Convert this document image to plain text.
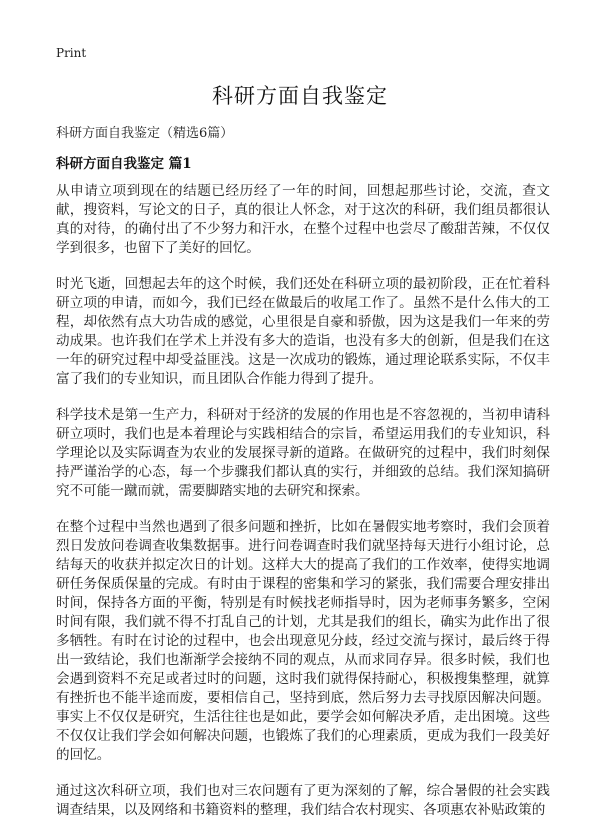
Print
科研方面自我鉴定
科研方面自我鉴定（精选6篇）
科研方面自我鉴定 篇1

从申请立项到现在的结题已经历经了一年的时间，回想起那些讨论，交流，查文献，搜资料，写论文的日子，真的很让人怀念，对于这次的科研，我们组员都很认真的对待，的确付出了不少努力和汗水，在整个过程中也尝尽了酸甜苦辣，不仅仅学到很多，也留下了美好的回忆。

时光飞逝，回想起去年的这个时候，我们还处在科研立项的最初阶段，正在忙着科研立项的申请，而如今，我们已经在做最后的收尾工作了。虽然不是什么伟大的工程，却依然有点大功告成的感觉，心里很是自豪和骄傲，因为这是我们一年来的劳动成果。也许我们在学术上并没有多大的造诣，也没有多大的创新，但是我们在这一年的研究过程中却受益匪浅。这是一次成功的锻炼，通过理论联系实际，不仅丰富了我们的专业知识，而且团队合作能力得到了提升。

科学技术是第一生产力，科研对于经济的发展的作用也是不容忽视的，当初申请科研立项时，我们也是本着理论与实践相结合的宗旨，希望运用我们的专业知识，科学理论以及实际调查为农业的发展探寻新的道路。在做研究的过程中，我们时刻保持严谨治学的心态，每一个步骤我们都认真的实行，并细致的总结。我们深知搞研究不可能一蹴而就，需要脚踏实地的去研究和探索。

在整个过程中当然也遇到了很多问题和挫折，比如在暑假实地考察时，我们会顶着烈日发放问卷调查收集数据事。进行问卷调查时我们就坚持每天进行小组讨论，总结每天的收获并拟定次日的计划。这样大大的提高了我们的工作效率，使得实地调研任务保质保量的完成。有时由于课程的密集和学习的紧张，我们需要合理安排出时间，保持各方面的平衡，特别是有时候找老师指导时，因为老师事务繁多，空闲时间有限，我们就不得不打乱自己的计划，尤其是我们的组长，确实为此作出了很多牺牲。有时在讨论的过程中，也会出现意见分歧，经过交流与探讨，最后终于得出一致结论，我们也渐渐学会接纳不同的观点，从而求同存异。很多时候，我们也会遇到资料不充足或者过时的问题，这时我们就得保持耐心，积极搜集整理，就算有挫折也不能半途而废，要相信自己，坚持到底，然后努力去寻找原因解决问题。事实上不仅仅是研究，生活往往也是如此，要学会如何解决矛盾，走出困境。这些不仅仅让我们学会如何解决问题，也锻炼了我们的心理素质，更成为我们一段美好的回忆。

通过这次科研立项，我们也对三农问题有了更为深刻的了解，综合暑假的社会实践调查结果，以及网络和书籍资料的整理，我们结合农村现实、各项惠农补贴政策的
